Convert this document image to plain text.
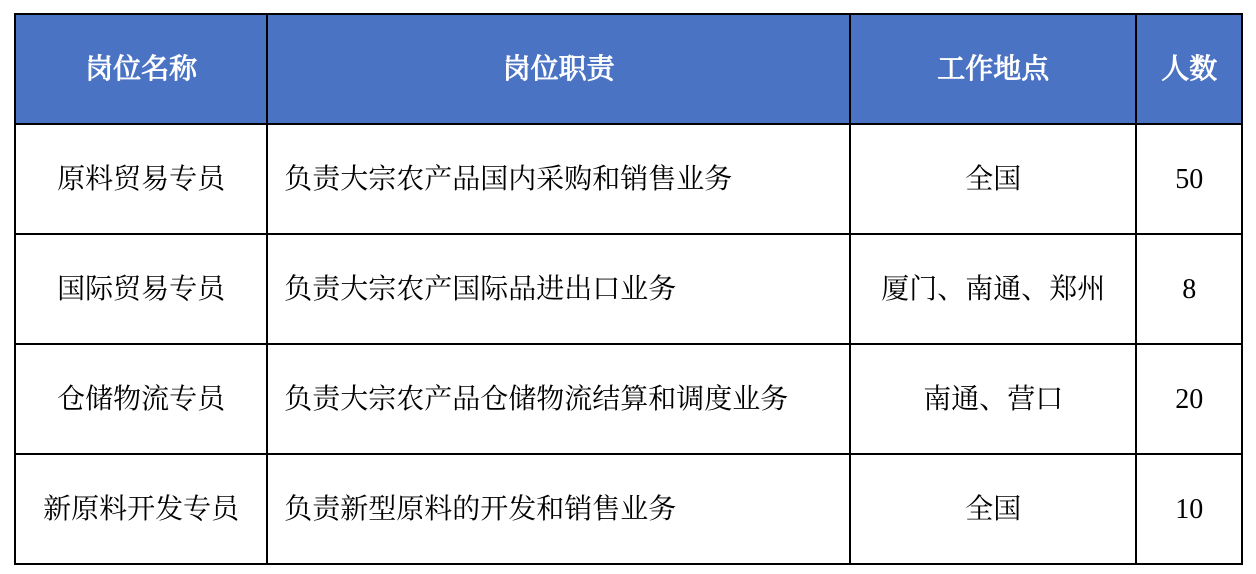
岗位名称	岗位职责	工作地点	人数
原料贸易专员	负责大宗农产品国内采购和销售业务	全国	50
国际贸易专员	负责大宗农产国际品进出口业务	厦门、南通、郑州	8
仓储物流专员	负责大宗农产品仓储物流结算和调度业务	南通、营口	20
新原料开发专员	负责新型原料的开发和销售业务	全国	10
